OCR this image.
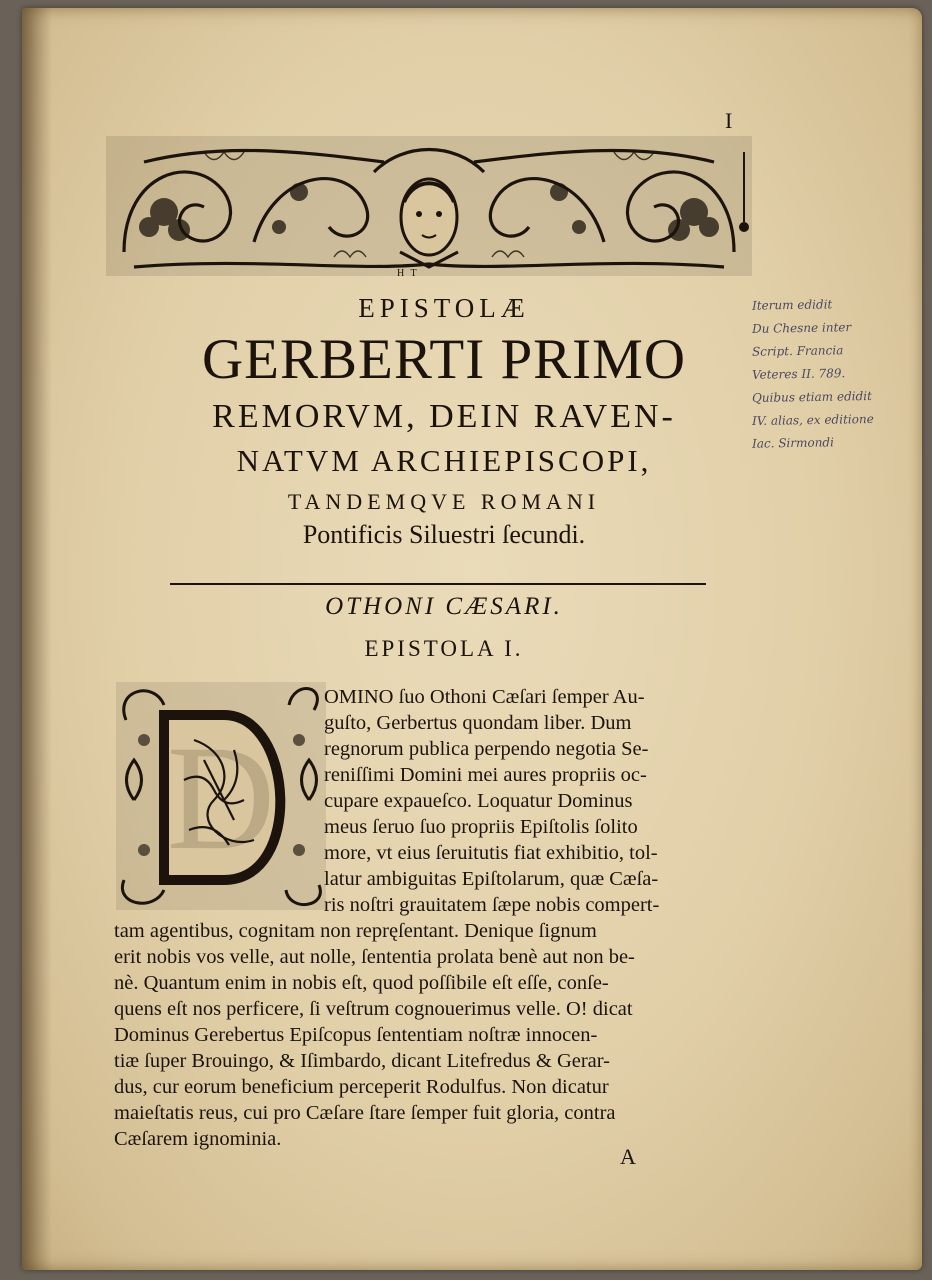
I
H T
EPISTOLÆ
GERBERTI PRIMO
REMORVM, DEIN RAVEN-
NATVM ARCHIEPISCOPI,
TANDEMQVE ROMANI
Pontificis Siluestri ſecundi.
OTHONI CÆSARI.
EPISTOLA I.
D
OMINO ſuo Othoni Cæſari ſemper Au-
guſto, Gerbertus quondam liber. Dum
regnorum publica perpendo negotia Se-
reniſſimi Domini mei aures propriis oc-
cupare expaueſco. Loquatur Dominus
meus ſeruo ſuo propriis Epiſtolis ſolito
more, vt eius ſeruitutis fiat exhibitio, tol-
latur ambiguitas Epiſtolarum, quæ Cæſa-
ris noſtri grauitatem ſæpe nobis compert-
tam agentibus, cognitam non repręſentant. Denique ſignum
erit nobis vos velle, aut nolle, ſententia prolata benè aut non be-
nè. Quantum enim in nobis eſt, quod poſſibile eſt eſſe, conſe-
quens eſt nos perficere, ſi veſtrum cognouerimus velle. O! dicat
Dominus Gerebertus Epiſcopus ſententiam noſtræ innocen-
tiæ ſuper Brouingo, & Iſimbardo, dicant Litefredus & Gerar-
dus, cur eorum beneficium perceperit Rodulfus. Non dicatur
maieſtatis reus, cui pro Cæſare ſtare ſemper fuit gloria, contra
Cæſarem ignominia.
A
Iterum edidit
Du Chesne inter
Script. Francia
Veteres II. 789.
Quibus etiam edidit
IV. alias, ex editione
Iac. Sirmondi
